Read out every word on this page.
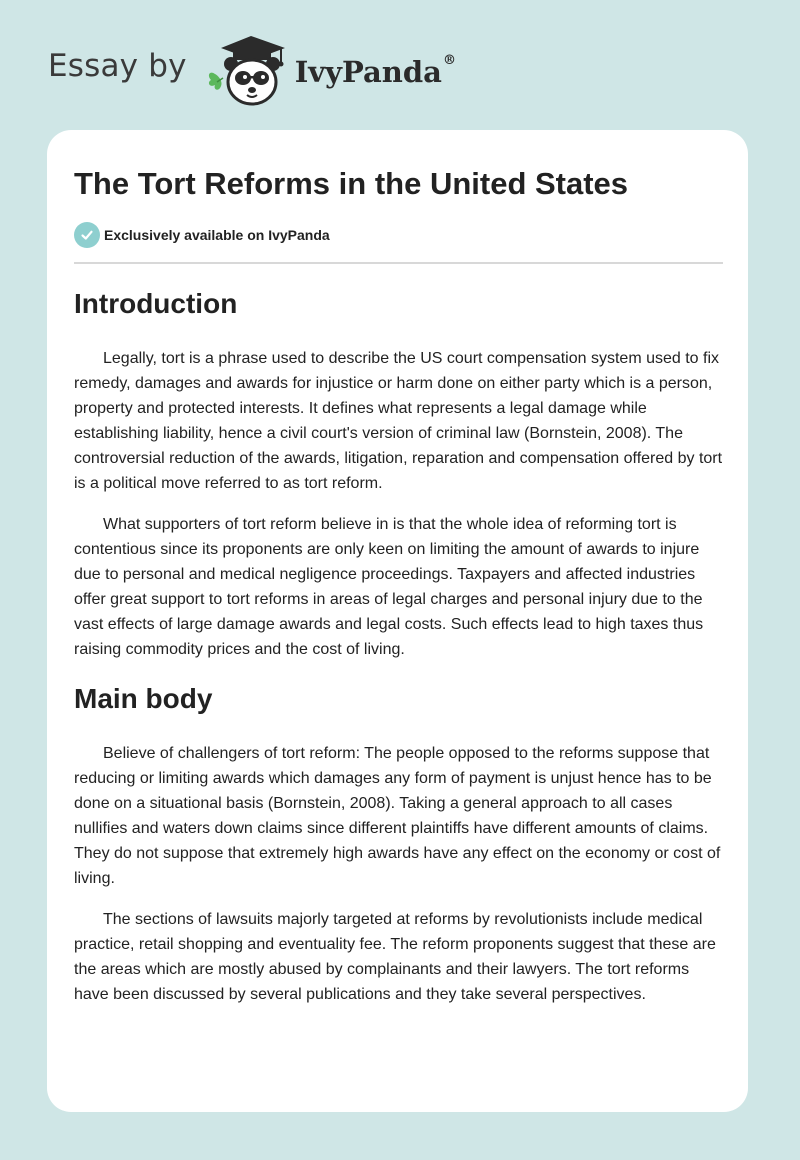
Essay by	IvyPanda®
The Tort Reforms in the United States
Exclusively available on IvyPanda
Introduction

Legally, tort is a phrase used to describe the US court compensation system used to fix remedy, damages and awards for injustice or harm done on either party which is a person, property and protected interests. It defines what represents a legal damage while establishing liability, hence a civil court's version of criminal law (Bornstein, 2008). The controversial reduction of the awards, litigation, reparation and compensation offered by tort is a political move referred to as tort reform.

What supporters of tort reform believe in is that the whole idea of reforming tort is contentious since its proponents are only keen on limiting the amount of awards to injure due to personal and medical negligence proceedings. Taxpayers and affected industries offer great support to tort reforms in areas of legal charges and personal injury due to the vast effects of large damage awards and legal costs. Such effects lead to high taxes thus raising commodity prices and the cost of living.

Main body

Believe of challengers of tort reform: The people opposed to the reforms suppose that reducing or limiting awards which damages any form of payment is unjust hence has to be done on a situational basis (Bornstein, 2008). Taking a general approach to all cases nullifies and waters down claims since different plaintiffs have different amounts of claims. They do not suppose that extremely high awards have any effect on the economy or cost of living.

The sections of lawsuits majorly targeted at reforms by revolutionists include medical practice, retail shopping and eventuality fee. The reform proponents suggest that these are the areas which are mostly abused by complainants and their lawyers. The tort reforms have been discussed by several publications and they take several perspectives.
